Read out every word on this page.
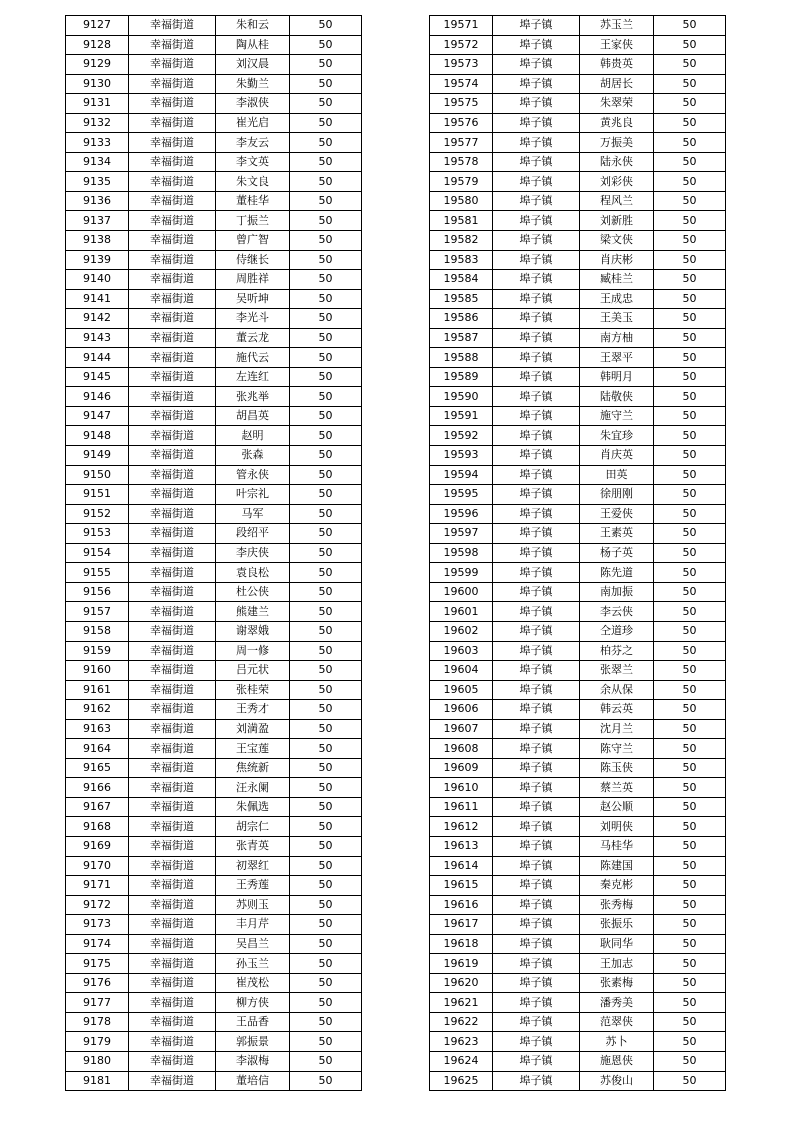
9127	幸福街道	朱和云	50
9128	幸福街道	陶从桂	50
9129	幸福街道	刘汉晨	50
9130	幸福街道	朱勤兰	50
9131	幸福街道	李淑侠	50
9132	幸福街道	崔光启	50
9133	幸福街道	李友云	50
9134	幸福街道	李文英	50
9135	幸福街道	朱文良	50
9136	幸福街道	董桂华	50
9137	幸福街道	丁振兰	50
9138	幸福街道	曾广智	50
9139	幸福街道	侍继长	50
9140	幸福街道	周胜祥	50
9141	幸福街道	吴听坤	50
9142	幸福街道	李光斗	50
9143	幸福街道	董云龙	50
9144	幸福街道	施代云	50
9145	幸福街道	左连红	50
9146	幸福街道	张兆举	50
9147	幸福街道	胡昌英	50
9148	幸福街道	赵明	50
9149	幸福街道	张森	50
9150	幸福街道	管永侠	50
9151	幸福街道	叶宗礼	50
9152	幸福街道	马军	50
9153	幸福街道	段绍平	50
9154	幸福街道	李庆侠	50
9155	幸福街道	袁良松	50
9156	幸福街道	杜公侠	50
9157	幸福街道	熊建兰	50
9158	幸福街道	谢翠娥	50
9159	幸福街道	周一修	50
9160	幸福街道	吕元状	50
9161	幸福街道	张桂荣	50
9162	幸福街道	王秀才	50
9163	幸福街道	刘満盈	50
9164	幸福街道	王宝莲	50
9165	幸福街道	焦统新	50
9166	幸福街道	汪永阑	50
9167	幸福街道	朱佩选	50
9168	幸福街道	胡宗仁	50
9169	幸福街道	张青英	50
9170	幸福街道	初翠红	50
9171	幸福街道	王秀莲	50
9172	幸福街道	苏则玉	50
9173	幸福街道	丰月芹	50
9174	幸福街道	吴昌兰	50
9175	幸福街道	孙玉兰	50
9176	幸福街道	崔茂松	50
9177	幸福街道	柳方侠	50
9178	幸福街道	王品香	50
9179	幸福街道	郭振景	50
9180	幸福街道	李淑梅	50
9181	幸福街道	董培信	50
19571	埠子镇	苏玉兰	50
19572	埠子镇	王家侠	50
19573	埠子镇	韩贵英	50
19574	埠子镇	胡居长	50
19575	埠子镇	朱翠荣	50
19576	埠子镇	黄兆良	50
19577	埠子镇	万振美	50
19578	埠子镇	陆永侠	50
19579	埠子镇	刘彩侠	50
19580	埠子镇	程风兰	50
19581	埠子镇	刘新胜	50
19582	埠子镇	梁文侠	50
19583	埠子镇	肖庆彬	50
19584	埠子镇	臧桂兰	50
19585	埠子镇	王成忠	50
19586	埠子镇	王美玉	50
19587	埠子镇	南方柚	50
19588	埠子镇	王翠平	50
19589	埠子镇	韩明月	50
19590	埠子镇	陆敬侠	50
19591	埠子镇	施守兰	50
19592	埠子镇	朱宜珍	50
19593	埠子镇	肖庆英	50
19594	埠子镇	田英	50
19595	埠子镇	徐朋刚	50
19596	埠子镇	王爱侠	50
19597	埠子镇	王素英	50
19598	埠子镇	杨子英	50
19599	埠子镇	陈先道	50
19600	埠子镇	南加振	50
19601	埠子镇	李云侠	50
19602	埠子镇	仝道珍	50
19603	埠子镇	柏芬之	50
19604	埠子镇	张翠兰	50
19605	埠子镇	余从保	50
19606	埠子镇	韩云英	50
19607	埠子镇	沈月兰	50
19608	埠子镇	陈守兰	50
19609	埠子镇	陈玉侠	50
19610	埠子镇	蔡兰英	50
19611	埠子镇	赵公顺	50
19612	埠子镇	刘明侠	50
19613	埠子镇	马桂华	50
19614	埠子镇	陈建国	50
19615	埠子镇	秦克彬	50
19616	埠子镇	张秀梅	50
19617	埠子镇	张振乐	50
19618	埠子镇	耿同华	50
19619	埠子镇	王加志	50
19620	埠子镇	张素梅	50
19621	埠子镇	潘秀美	50
19622	埠子镇	范翠侠	50
19623	埠子镇	苏卜	50
19624	埠子镇	施恩侠	50
19625	埠子镇	苏俊山	50
